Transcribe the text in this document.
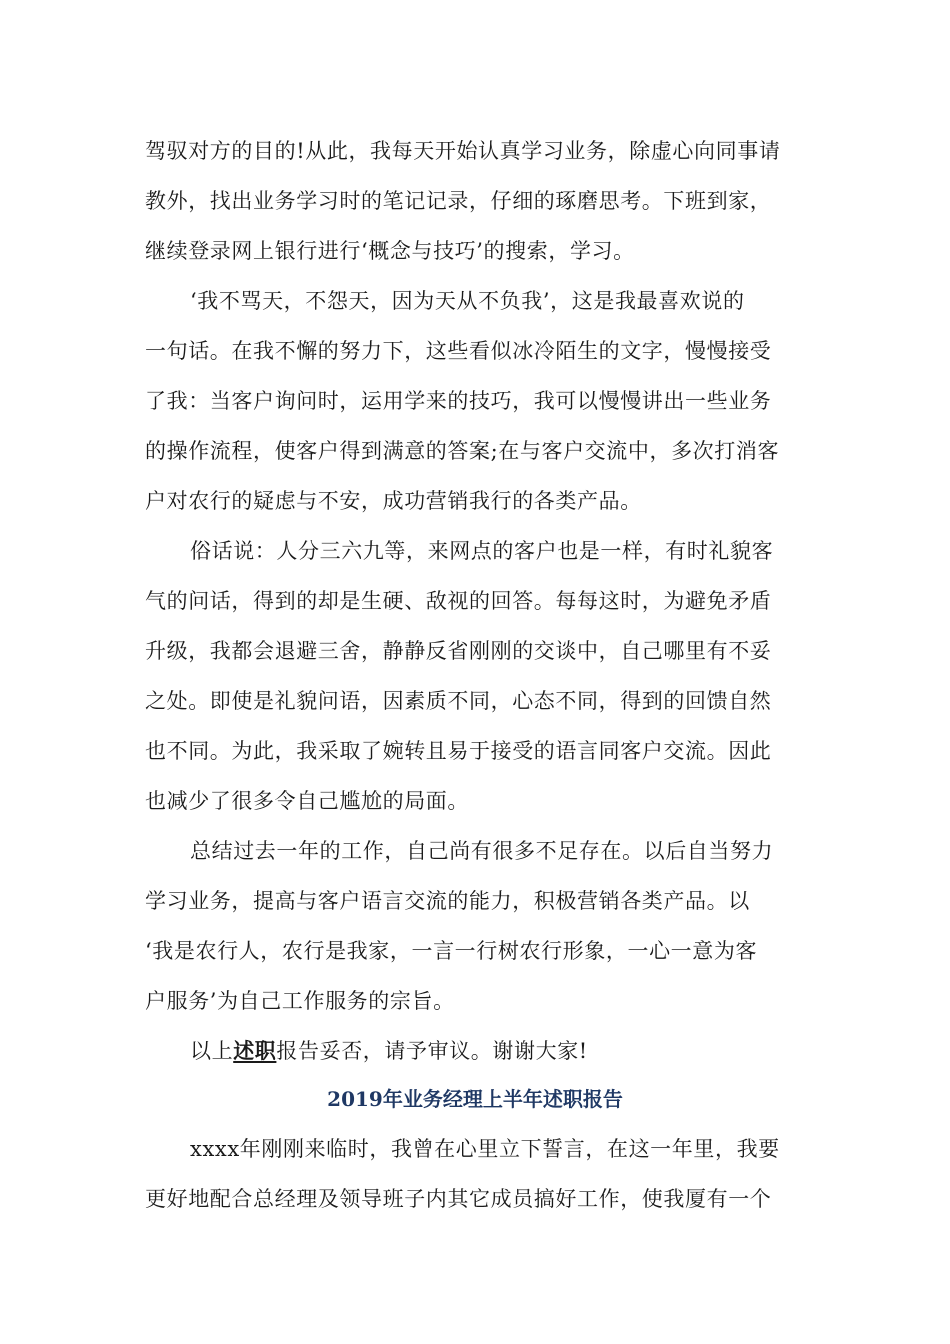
驾驭对方的目的!从此，我每天开始认真学习业务，除虚心向同事请
教外，找出业务学习时的笔记记录，仔细的琢磨思考。下班到家，
继续登录网上银行进行‘概念与技巧’的搜索，学习。
‘我不骂天，不怨天，因为天从不负我’，这是我最喜欢说的
一句话。在我不懈的努力下，这些看似冰冷陌生的文字，慢慢接受
了我：当客户询问时，运用学来的技巧，我可以慢慢讲出一些业务
的操作流程，使客户得到满意的答案;在与客户交流中，多次打消客
户对农行的疑虑与不安，成功营销我行的各类产品。
俗话说：人分三六九等，来网点的客户也是一样，有时礼貌客
气的问话，得到的却是生硬、敌视的回答。每每这时，为避免矛盾
升级，我都会退避三舍，静静反省刚刚的交谈中，自己哪里有不妥
之处。即使是礼貌问语，因素质不同，心态不同，得到的回馈自然
也不同。为此，我采取了婉转且易于接受的语言同客户交流。因此
也减少了很多令自己尴尬的局面。
总结过去一年的工作，自己尚有很多不足存在。以后自当努力
学习业务，提高与客户语言交流的能力，积极营销各类产品。以
‘我是农行人，农行是我家，一言一行树农行形象，一心一意为客
户服务’为自己工作服务的宗旨。
以上述职报告妥否，请予审议。谢谢大家!
2019年业务经理上半年述职报告
xxxx年刚刚来临时，我曾在心里立下誓言，在这一年里，我要
更好地配合总经理及领导班子内其它成员搞好工作，使我厦有一个
